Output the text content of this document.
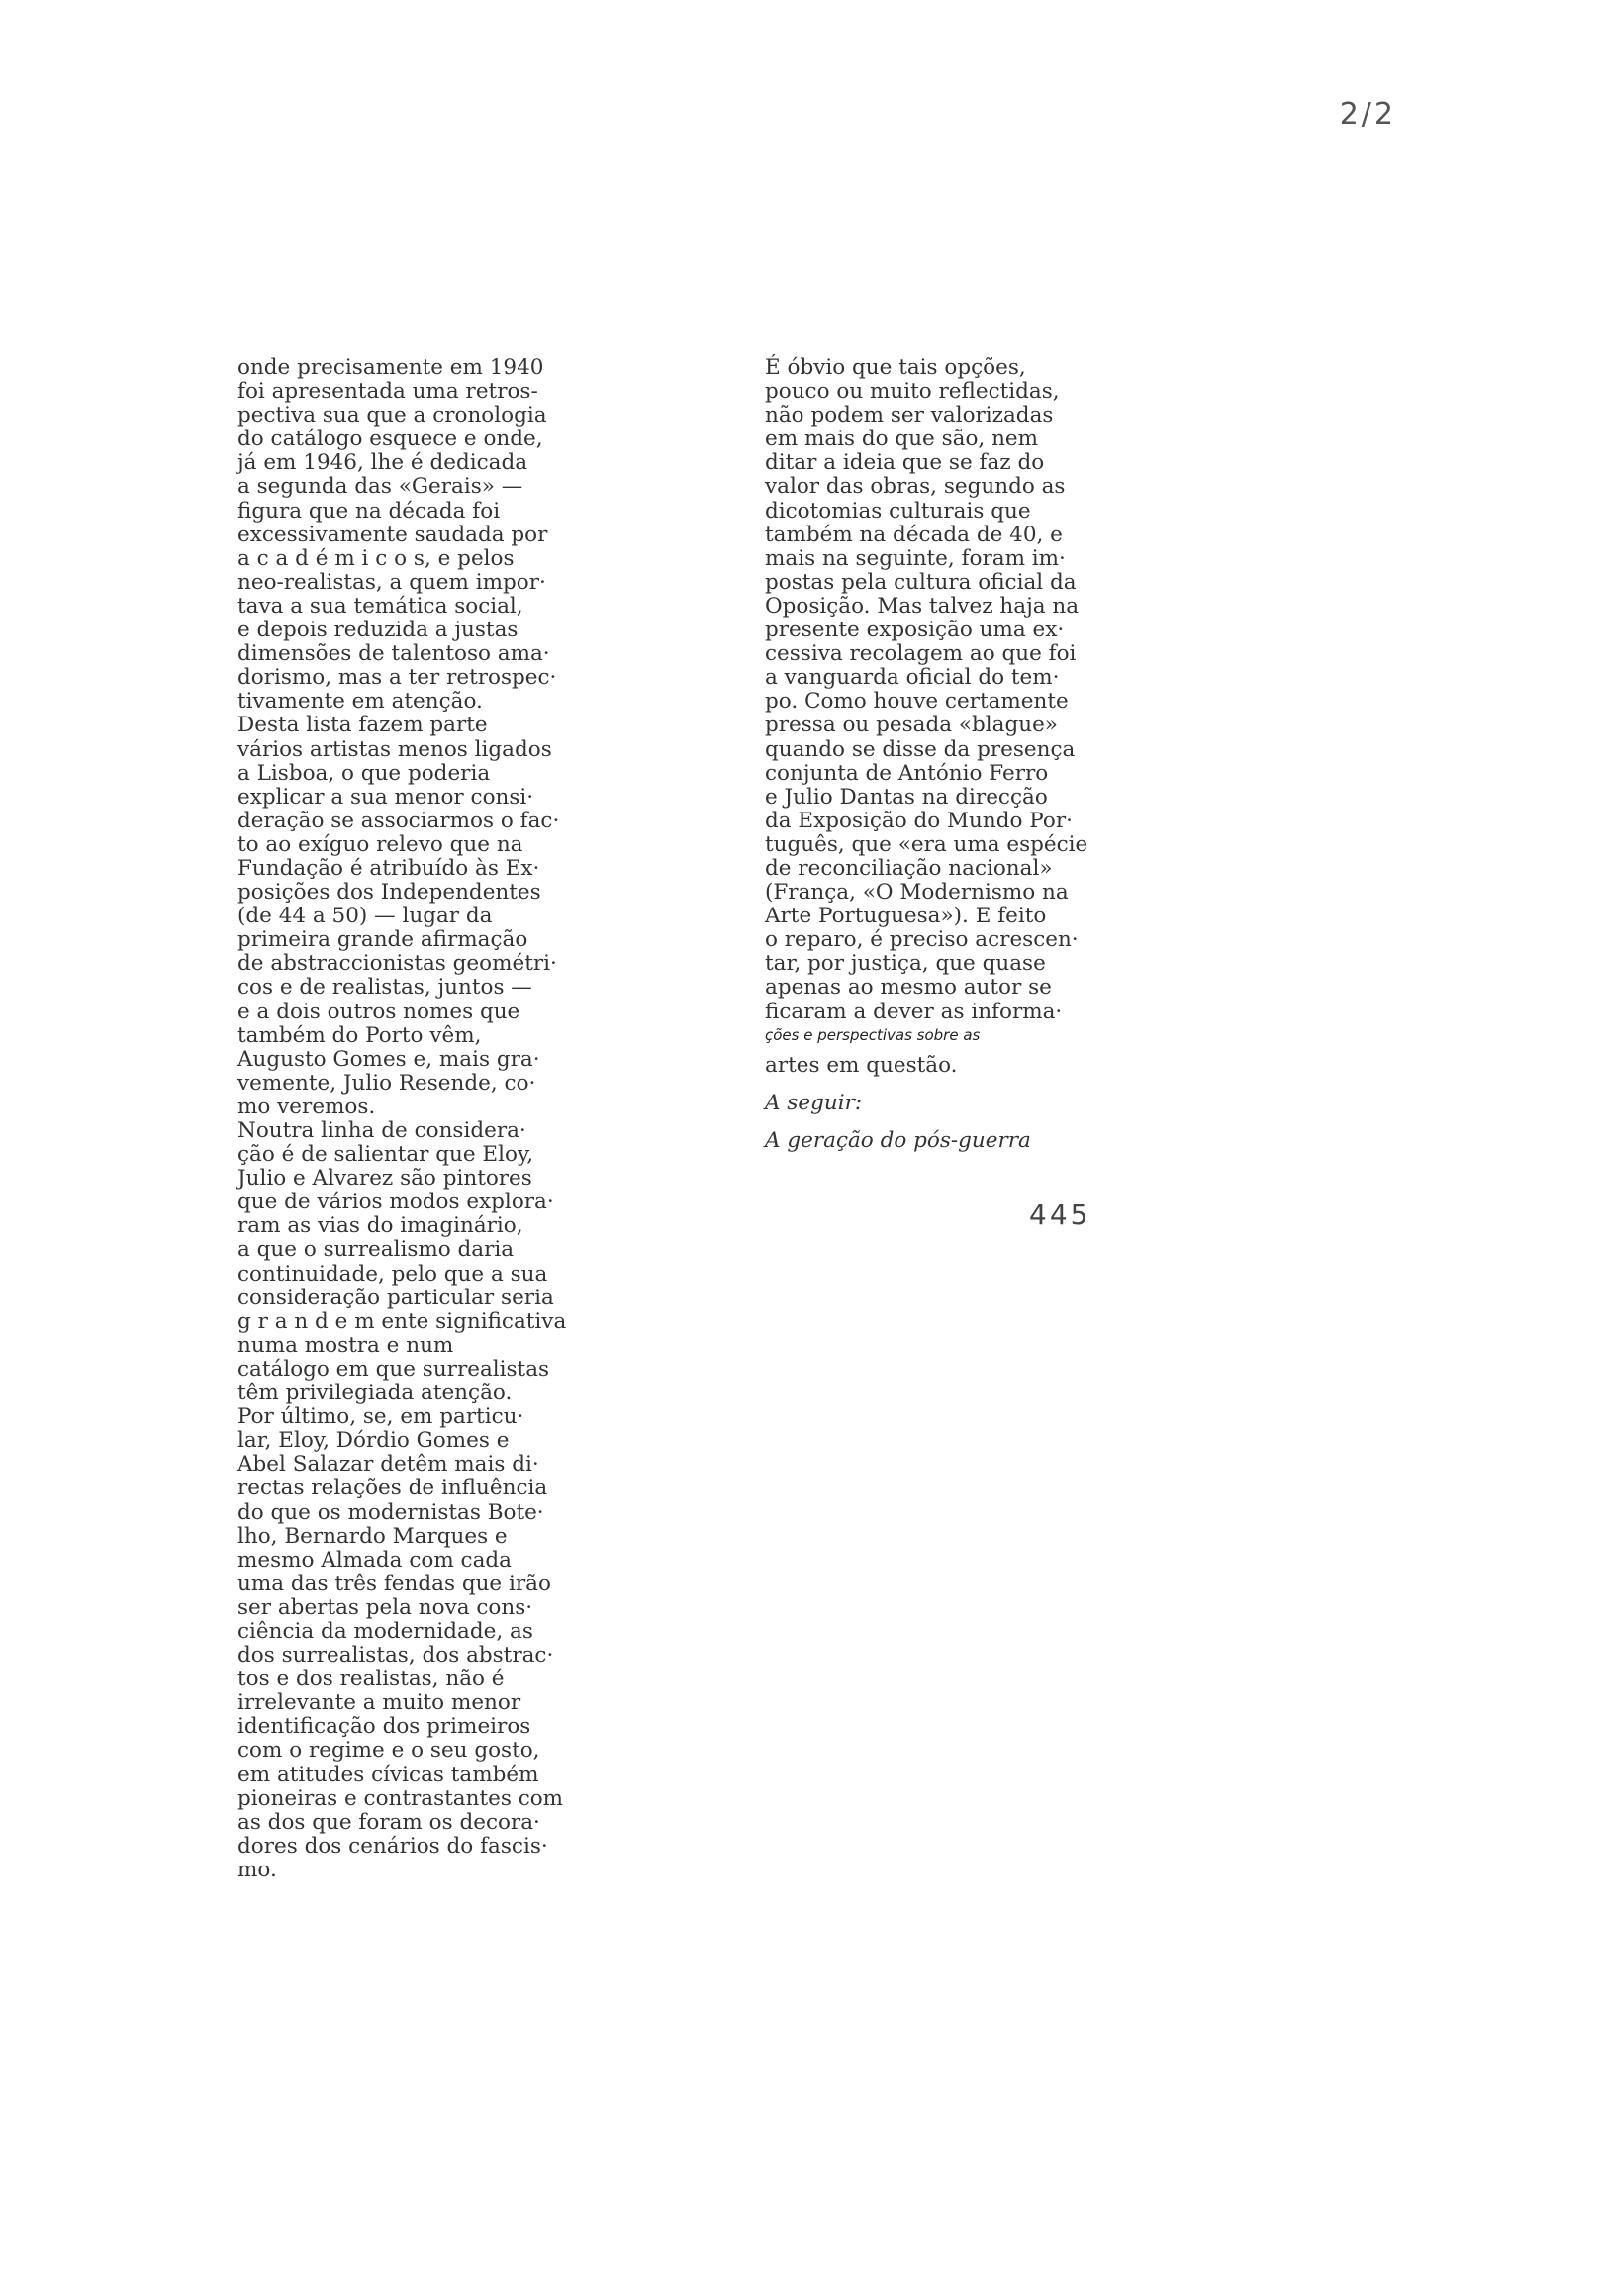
2/2
onde precisamente em 1940
foi apresentada uma retros-
pectiva sua que a cronologia
do catálogo esquece e onde,
já em 1946, lhe é dedicada
a segunda das «Gerais» —
figura que na década foi
excessivamente saudada por
a c a d é m i c o s, e pelos
neo-realistas, a quem impor·
tava a sua temática social,
e depois reduzida a justas
dimensões de talentoso ama·
dorismo, mas a ter retrospec·
tivamente em atenção.
Desta lista fazem parte
vários artistas menos ligados
a Lisboa, o que poderia
explicar a sua menor consi·
deração se associarmos o fac·
to ao exíguo relevo que na
Fundação é atribuído às Ex·
posições dos Independentes
(de 44 a 50) — lugar da
primeira grande afirmação
de abstraccionistas geométri·
cos e de realistas, juntos —
e a dois outros nomes que
também do Porto vêm,
Augusto Gomes e, mais gra·
vemente, Julio Resende, co·
mo veremos.
Noutra linha de considera·
ção é de salientar que Eloy,
Julio e Alvarez são pintores
que de vários modos explora·
ram as vias do imaginário,
a que o surrealismo daria
continuidade, pelo que a sua
consideração particular seria
g r a n d e m ente significativa
numa mostra e num
catálogo em que surrealistas
têm privilegiada atenção.
Por último, se, em particu·
lar, Eloy, Dórdio Gomes e
Abel Salazar detêm mais di·
rectas relações de influência
do que os modernistas Bote·
lho, Bernardo Marques e
mesmo Almada com cada
uma das três fendas que irão
ser abertas pela nova cons·
ciência da modernidade, as
dos surrealistas, dos abstrac·
tos e dos realistas, não é
irrelevante a muito menor
identificação dos primeiros
com o regime e o seu gosto,
em atitudes cívicas também
pioneiras e contrastantes com
as dos que foram os decora·
dores dos cenários do fascis·
mo.
É óbvio que tais opções,
pouco ou muito reflectidas,
não podem ser valorizadas
em mais do que são, nem
ditar a ideia que se faz do
valor das obras, segundo as
dicotomias culturais que
também na década de 40, e
mais na seguinte, foram im·
postas pela cultura oficial da
Oposição. Mas talvez haja na
presente exposição uma ex·
cessiva recolagem ao que foi
a vanguarda oficial do tem·
po. Como houve certamente
pressa ou pesada «blague»
quando se disse da presença
conjunta de António Ferro
e Julio Dantas na direcção
da Exposição do Mundo Por·
tuguês, que «era uma espécie
de reconciliação nacional»
(França, «O Modernismo na
Arte Portuguesa»). E feito
o reparo, é preciso acrescen·
tar, por justiça, que quase
apenas ao mesmo autor se
ficaram a dever as informa·
ções e perspectivas sobre as
artes em questão.
A seguir:
A geração do pós-guerra
445
